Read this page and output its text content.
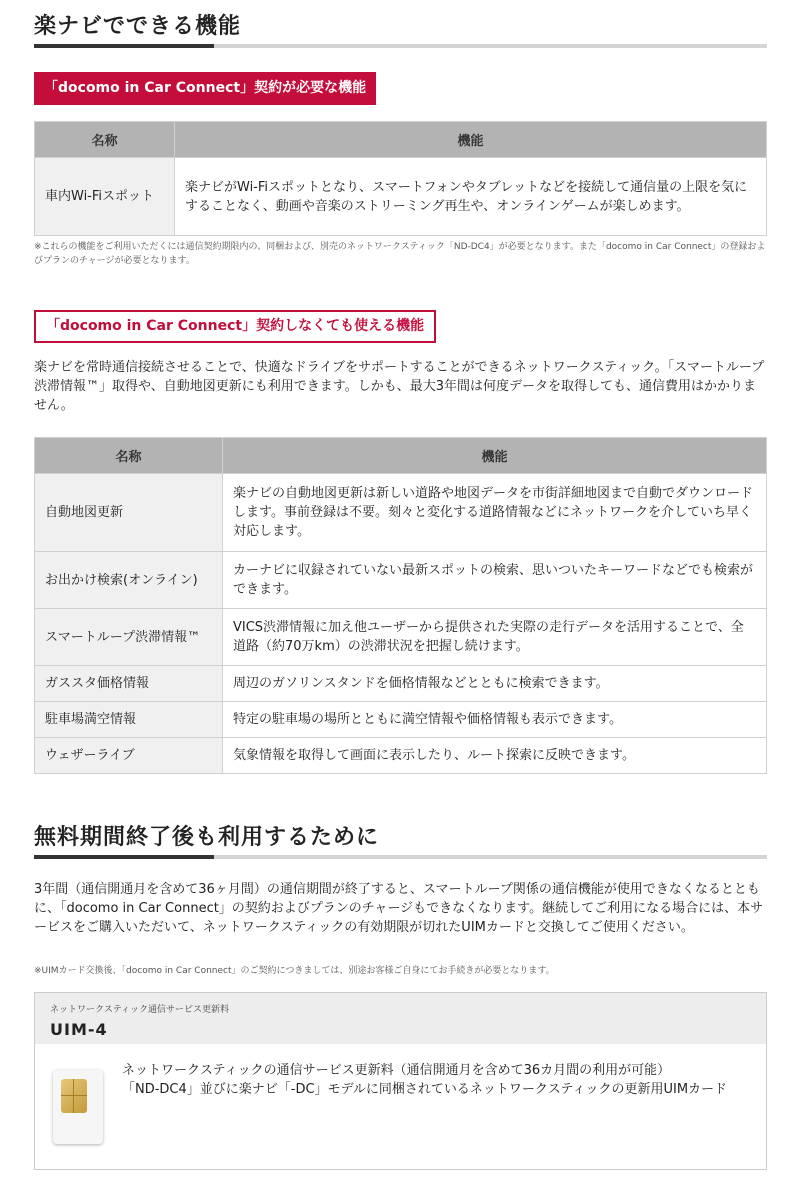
楽ナビでできる機能
「docomo in Car Connect」契約が必要な機能
名称	機能
車内Wi-Fiスポット	楽ナビがWi-Fiスポットとなり、スマートフォンやタブレットなどを接続して通信量の上限を気にすることなく、動画や音楽のストリーミング再生や、オンラインゲームが楽しめます。
※これらの機能をご利用いただくには通信契約期限内の、同梱および、別売のネットワークスティック「ND-DC4」が必要となります。また「docomo in Car Connect」の登録およびプランのチャージが必要となります。
「docomo in Car Connect」契約しなくても使える機能
楽ナビを常時通信接続させることで、快適なドライブをサポートすることができるネットワークスティック。「スマートループ渋滞情報™」取得や、自動地図更新にも利用できます。しかも、最大3年間は何度データを取得しても、通信費用はかかりません。
名称	機能
自動地図更新	楽ナビの自動地図更新は新しい道路や地図データを市街詳細地図まで自動でダウンロードします。事前登録は不要。刻々と変化する道路情報などにネットワークを介していち早く対応します。
お出かけ検索(オンライン)	カーナビに収録されていない最新スポットの検索、思いついたキーワードなどでも検索ができます。
スマートループ渋滞情報™	VICS渋滞情報に加え他ユーザーから提供された実際の走行データを活用することで、全道路（約70万km）の渋滞状況を把握し続けます。
ガススタ価格情報	周辺のガソリンスタンドを価格情報などとともに検索できます。
駐車場満空情報	特定の駐車場の場所とともに満空情報や価格情報も表示できます。
ウェザーライブ	気象情報を取得して画面に表示したり、ルート探索に反映できます。
無料期間終了後も利用するために
3年間（通信開通月を含めて36ヶ月間）の通信期間が終了すると、スマートループ関係の通信機能が使用できなくなるとともに、「docomo in Car Connect」の契約およびプランのチャージもできなくなります。継続してご利用になる場合には、本サービスをご購入いただいて、ネットワークスティックの有効期限が切れたUIMカードと交換してご使用ください。
※UIMカード交換後、「docomo in Car Connect」のご契約につきましては、別途お客様ご自身にてお手続きが必要となります。
ネットワークスティック通信サービス更新料
UIM-4
ネットワークスティックの通信サービス更新料（通信開通月を含めて36カ月間の利用が可能）
「ND-DC4」並びに楽ナビ「-DC」モデルに同梱されているネットワークスティックの更新用UIMカード
